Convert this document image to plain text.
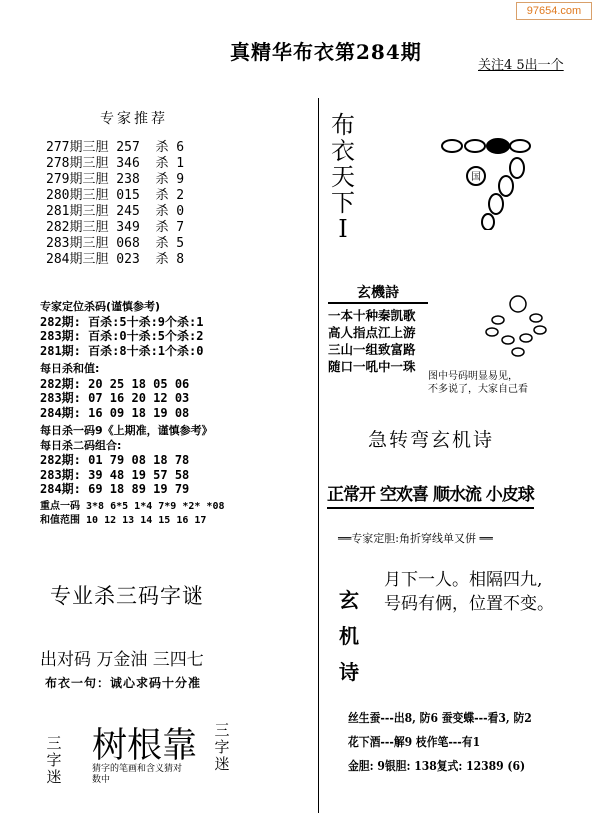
97654.com
真精华布衣第284期
关注4 5出一个
专家推荐
277期三胆 257  杀 6
278期三胆 346  杀 1
279期三胆 238  杀 9
280期三胆 015  杀 2
281期三胆 245  杀 0
282期三胆 349  杀 7
283期三胆 068  杀 5
284期三胆 023  杀 8
专家定位杀码(谨慎参考)
282期: 百杀:5十杀:9个杀:1
283期: 百杀:0十杀:5个杀:2
281期: 百杀:8十杀:1个杀:0
每日杀和值:
282期: 20 25 18 05 06
283期: 07 16 20 12 03
284期: 16 09 18 19 08
每日杀一码9《上期准，谨慎参考》
每日杀二码组合:
282期: 01 79 08 18 78
283期: 39 48 19 57 58
284期: 69 18 89 19 79
重点一码 3*8 6*5 1*4 7*9 *2* *08
和值范围 10 12 13 14 15 16 17
专业杀三码字谜
出对码 万金油 三四七
布衣一句：诚心求码十分准
三字迷
树根靠
猜字的笔画和含义猜对数中
三字迷
布衣天下I
国
玄機詩
一本十种秦凯歌
高人指点江上游
三山一组致富路
随口一吼中一珠
图中号码明显易见，
不多说了，大家自己看
急转弯玄机诗
正常开 空欢喜 顺水流 小皮球
══专家定胆:角折穿线单又倂 ══
玄机诗
月下一人。相隔四九,
号码有俩，位置不变。
丝生蚕---出8, 防6 蚕变蝶---看3, 防2
花下酒---解9 枝作笔---有1
金胆: 9银胆: 138复式: 12389 (6)
